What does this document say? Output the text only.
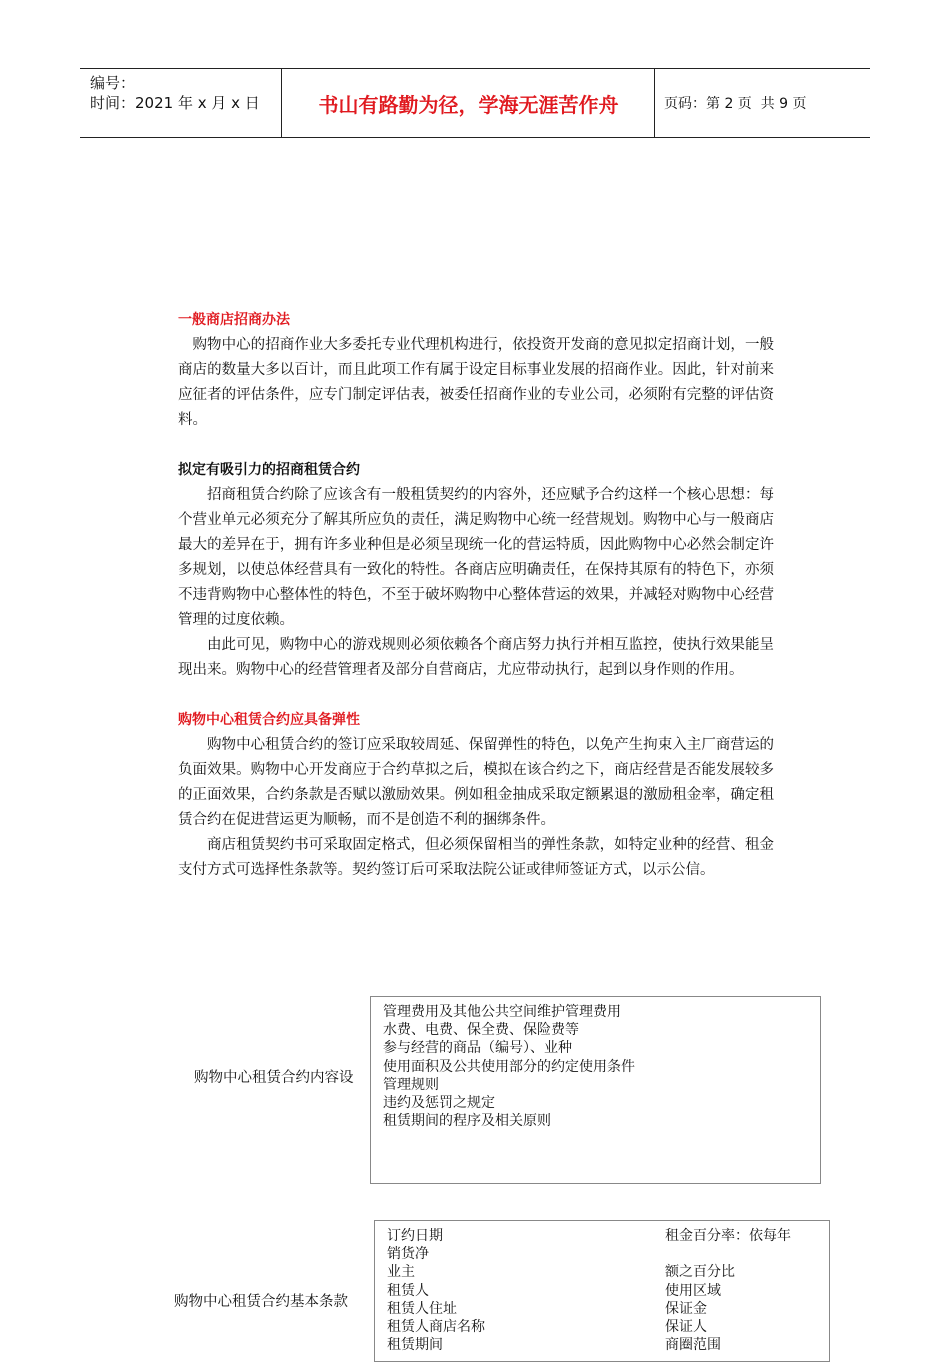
编号：
时间：2021 年 x 月 x 日	书山有路勤为径，学海无涯苦作舟	页码：第 2 页  共 9 页
一般商店招商办法

购物中心的招商作业大多委托专业代理机构进行，依投资开发商的意见拟定招商计划，一般商店的数量大多以百计，而且此项工作有属于设定目标事业发展的招商作业。因此，针对前来应征者的评估条件，应专门制定评估表，被委任招商作业的专业公司，必须附有完整的评估资料。

拟定有吸引力的招商租赁合约

招商租赁合约除了应该含有一般租赁契约的内容外，还应赋予合约这样一个核心思想：每个营业单元必须充分了解其所应负的责任，满足购物中心统一经营规划。购物中心与一般商店最大的差异在于，拥有许多业种但是必须呈现统一化的营运特质，因此购物中心必然会制定许多规划，以使总体经营具有一致化的特性。各商店应明确责任，在保持其原有的特色下，亦须不违背购物中心整体性的特色，不至于破坏购物中心整体营运的效果，并减轻对购物中心经营管理的过度依赖。

由此可见，购物中心的游戏规则必须依赖各个商店努力执行并相互监控，使执行效果能呈现出来。购物中心的经营管理者及部分自营商店，尤应带动执行，起到以身作则的作用。

购物中心租赁合约应具备弹性

购物中心租赁合约的签订应采取较周延、保留弹性的特色，以免产生拘束入主厂商营运的负面效果。购物中心开发商应于合约草拟之后，模拟在该合约之下，商店经营是否能发展较多的正面效果，合约条款是否赋以激励效果。例如租金抽成采取定额累退的激励租金率，确定租赁合约在促进营运更为顺畅，而不是创造不利的捆绑条件。

商店租赁契约书可采取固定格式，但必须保留相当的弹性条款，如特定业种的经营、租金支付方式可选择性条款等。契约签订后可采取法院公证或律师签证方式，以示公信。

购物中心租赁合约内容设
管理费用及其他公共空间维护管理费用
水费、电费、保全费、保险费等
参与经营的商品（编号）、业种
使用面积及公共使用部分的约定使用条件
管理规则
违约及惩罚之规定
租赁期间的程序及相关原则
购物中心租赁合约基本条款
订约日期
销货净
业主
租赁人
租赁人住址
租赁人商店名称
租赁期间
租金百分率：依每年

额之百分比
使用区域
保证金
保证人
商圈范围
